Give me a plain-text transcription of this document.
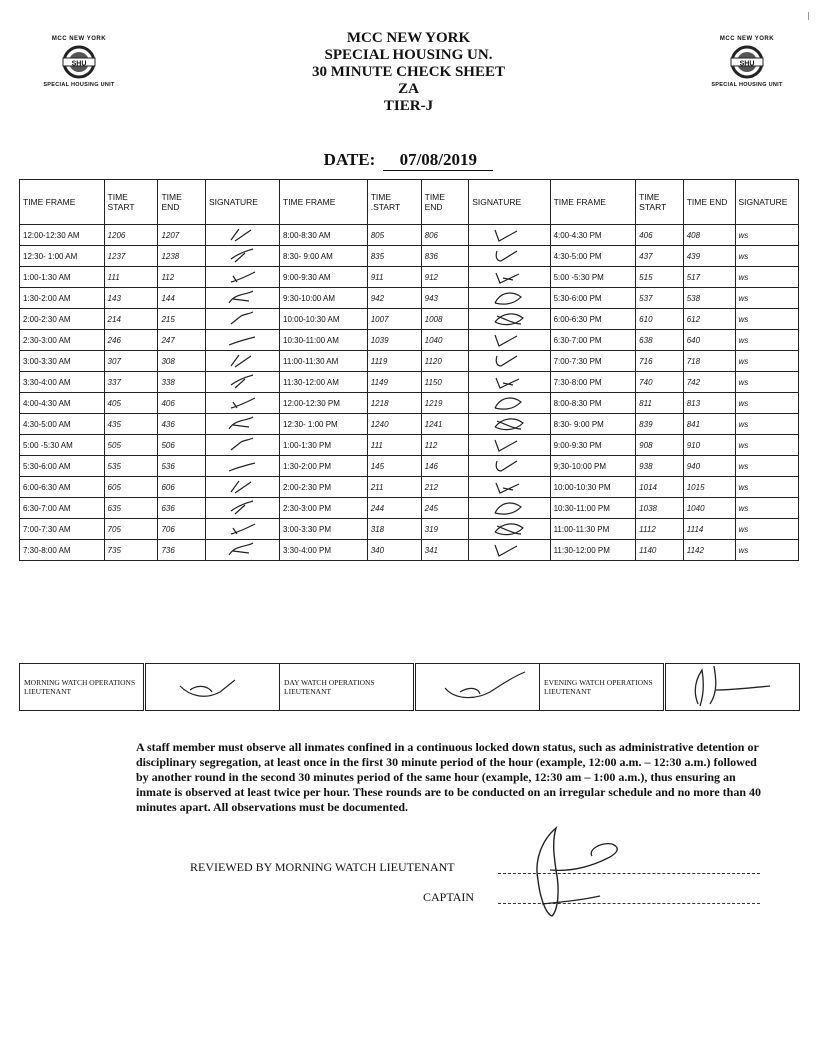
MCC NEW YORK
SHU
SPECIAL HOUSING UNIT
MCC NEW YORK
SHU
SPECIAL HOUSING UNIT
MCC NEW YORK
SPECIAL HOUSING UN.
30 MINUTE CHECK SHEET
ZA
TIER-J
DATE: 07/08/2019
TIME FRAME	TIME START	TIME END	SIGNATURE	TIME FRAME	TIME .START	TIME END	SIGNATURE	TIME FRAME	TIME START	TIME END	SIGNATURE
12:00-12:30 AM	1206	1207		8:00-8:30 AM	805	806		4:00-4:30 PM	406	408	ws
12:30- 1:00 AM	1237	1238		8:30- 9:00 AM	835	836		4:30-5:00 PM	437	439	ws
1:00-1:30 AM	111	112		9:00-9:30 AM	911	912		5:00 -5:30 PM	515	517	ws
1:30-2:00 AM	143	144		9:30-10:00 AM	942	943		5:30-6:00 PM	537	538	ws
2:00-2:30 AM	214	215		10:00-10:30 AM	1007	1008		6:00-6:30 PM	610	612	ws
2:30-3:00 AM	246	247		10:30-11:00 AM	1039	1040		6:30-7:00 PM	638	640	ws
3:00-3:30 AM	307	308		11:00-11:30 AM	1119	1120		7:00-7:30 PM	716	718	ws
3:30-4:00 AM	337	338		11:30-12:00 AM	1149	1150		7:30-8:00 PM	740	742	ws
4:00-4:30 AM	405	406		12:00-12:30 PM	1218	1219		8:00-8:30 PM	811	813	ws
4:30-5:00 AM	435	436		12:30- 1:00 PM	1240	1241		8:30- 9:00 PM	839	841	ws
5:00 -5:30 AM	505	506		1:00-1:30 PM	111	112		9:00-9:30 PM	908	910	ws
5:30-6:00 AM	535	536		1:30-2:00 PM	145	146		9;30-10:00 PM	938	940	ws
6:00-6:30 AM	605	606		2:00-2:30 PM	211	212		10:00-10:30 PM	1014	1015	ws
6:30-7:00 AM	635	636		2:30-3:00 PM	244	245		10:30-11:00 PM	1038	1040	ws
7:00-7:30 AM	705	706		3:00-3:30 PM	318	319		11:00-11:30 PM	1112	1114	ws
7:30-8:00 AM	735	736		3:30-4:00 PM	340	341		11:30-12:00 PM	1140	1142	ws
MORNING WATCH OPERATIONS LIEUTENANT		DAY WATCH OPERATIONS LIEUTENANT		EVENING WATCH OPERATIONS LIEUTENANT	
A staff member must observe all inmates confined in a continuous locked down status, such as administrative detention or disciplinary segregation, at least once in the first 30 minute period of the hour (example, 12:00 a.m. – 12:30 a.m.) followed by another round in the second 30 minutes period of the same hour (example, 12:30 am – 1:00 a.m.), thus ensuring an inmate is observed at least twice per hour. These rounds are to be conducted on an irregular schedule and no more than 40 minutes apart. All observations must be documented.
REVIEWED BY MORNING WATCH LIEUTENANT
CAPTAIN
